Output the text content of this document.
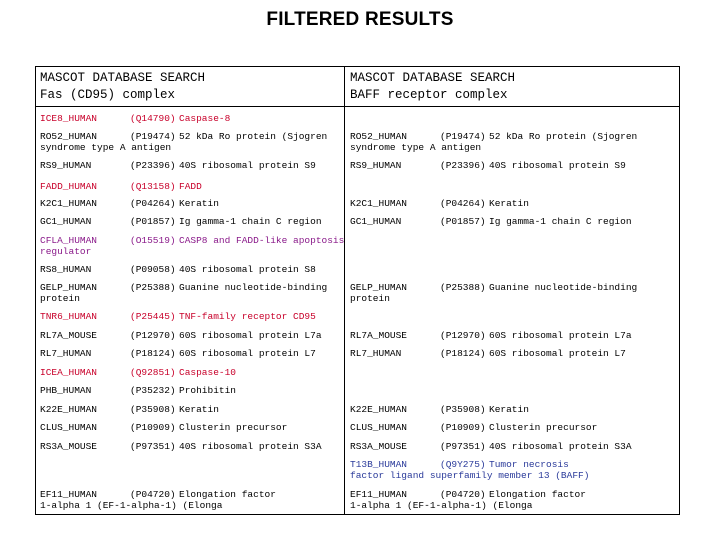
FILTERED RESULTS
MASCOT DATABASE SEARCH
Fas (CD95) complex
MASCOT DATABASE SEARCH
BAFF receptor complex
ICE8_HUMAN	(Q14790) Caspase-8
RO52_HUMAN	(P19474) 52 kDa Ro protein (Sjogren
syndrome type A antigen
RS9_HUMAN	(P23396) 40S ribosomal protein S9
FADD_HUMAN	(Q13158) FADD
K2C1_HUMAN	(P04264) Keratin
GC1_HUMAN	(P01857) Ig gamma-1 chain C region
CFLA_HUMAN	(O15519) CASP8 and FADD-like apoptosis
regulator
RS8_HUMAN	(P09058) 40S ribosomal protein S8
GELP_HUMAN	(P25388) Guanine nucleotide-binding
protein
TNR6_HUMAN	(P25445) TNF-family receptor CD95
RL7A_MOUSE	(P12970) 60S ribosomal protein L7a
RL7_HUMAN	(P18124) 60S ribosomal protein L7
ICEA_HUMAN	(Q92851) Caspase-10
PHB_HUMAN	(P35232) Prohibitin
K22E_HUMAN	(P35908) Keratin
CLUS_HUMAN	(P10909) Clusterin precursor
RS3A_MOUSE	(P97351) 40S ribosomal protein S3A
EF11_HUMAN	(P04720) Elongation factor
1-alpha 1 (EF-1-alpha-1) (Elonga
RO52_HUMAN	(P19474) 52 kDa Ro protein (Sjogren
syndrome type A antigen
RS9_HUMAN	(P23396) 40S ribosomal protein S9
K2C1_HUMAN	(P04264) Keratin
GC1_HUMAN	(P01857) Ig gamma-1 chain C region
GELP_HUMAN	(P25388) Guanine nucleotide-binding
protein
RL7A_MOUSE	(P12970) 60S ribosomal protein L7a
RL7_HUMAN	(P18124) 60S ribosomal protein L7
K22E_HUMAN	(P35908) Keratin
CLUS_HUMAN	(P10909) Clusterin precursor
RS3A_MOUSE	(P97351) 40S ribosomal protein S3A
T13B_HUMAN	(Q9Y275) Tumor necrosis
factor ligand superfamily member 13 (BAFF)
EF11_HUMAN	(P04720) Elongation factor
1-alpha 1 (EF-1-alpha-1) (Elonga
